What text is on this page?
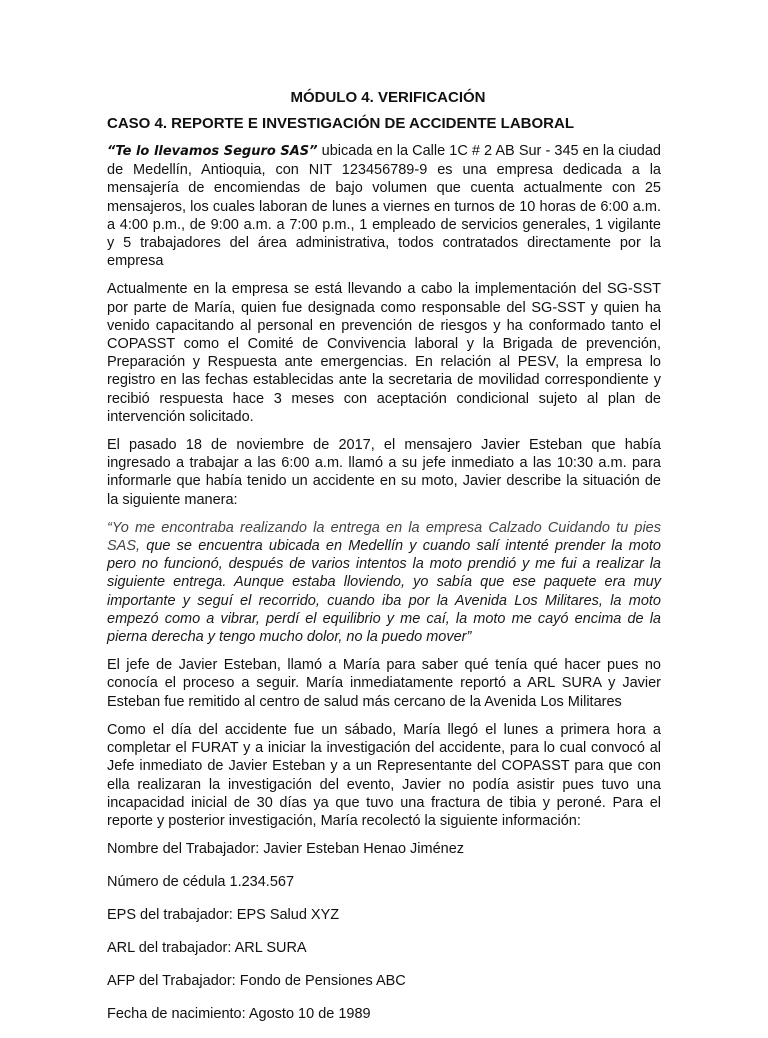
MÓDULO 4. VERIFICACIÓN
CASO 4. REPORTE E INVESTIGACIÓN DE ACCIDENTE LABORAL

“Te lo llevamos Seguro SAS” ubicada en la Calle 1C # 2 AB Sur - 345 en la ciudad de Medellín, Antioquia, con NIT 123456789-9 es una empresa dedicada a la mensajería de encomiendas de bajo volumen que cuenta actualmente con 25 mensajeros, los cuales laboran de lunes a viernes en turnos de 10 horas de 6:00 a.m. a 4:00 p.m., de 9:00 a.m. a 7:00 p.m., 1 empleado de servicios generales, 1 vigilante y 5 trabajadores del área administrativa, todos contratados directamente por la empresa

Actualmente en la empresa se está llevando a cabo la implementación del SG-SST por parte de María, quien fue designada como responsable del SG-SST y quien ha venido capacitando al personal en prevención de riesgos y ha conformado tanto el COPASST como el Comité de Convivencia laboral y la Brigada de prevención, Preparación y Respuesta ante emergencias. En relación al PESV, la empresa lo registro en las fechas establecidas ante la secretaria de movilidad correspondiente y recibió respuesta hace 3 meses con aceptación condicional sujeto al plan de intervención solicitado.

El pasado 18 de noviembre de 2017, el mensajero Javier Esteban que había ingresado a trabajar a las 6:00 a.m. llamó a su jefe inmediato a las 10:30 a.m. para informarle que había tenido un accidente en su moto, Javier describe la situación de la siguiente manera:

“Yo me encontraba realizando la entrega en la empresa Calzado Cuidando tu pies SAS, que se encuentra ubicada en Medellín y cuando salí intenté prender la moto pero no funcionó, después de varios intentos la moto prendió y me fui a realizar la siguiente entrega. Aunque estaba lloviendo, yo sabía que ese paquete era muy importante y seguí el recorrido, cuando iba por la Avenida Los Militares, la moto empezó como a vibrar, perdí el equilibrio y me caí, la moto me cayó encima de la pierna derecha y tengo mucho dolor, no la puedo mover”

El jefe de Javier Esteban, llamó a María para saber qué tenía qué hacer pues no conocía el proceso a seguir. María inmediatamente reportó a ARL SURA y Javier Esteban fue remitido al centro de salud más cercano de la Avenida Los Militares

Como el día del accidente fue un sábado, María llegó el lunes a primera hora a completar el FURAT y a iniciar la investigación del accidente, para lo cual convocó al Jefe inmediato de Javier Esteban y a un Representante del COPASST para que con ella realizaran la investigación del evento, Javier no podía asistir pues tuvo una incapacidad inicial de 30 días ya que tuvo una fractura de tibia y peroné. Para el reporte y posterior investigación, María recolectó la siguiente información:

Nombre del Trabajador: Javier Esteban Henao Jiménez
Número de cédula 1.234.567
EPS del trabajador: EPS Salud XYZ
ARL del trabajador: ARL SURA
AFP del Trabajador: Fondo de Pensiones ABC
Fecha de nacimiento: Agosto 10 de 1989
